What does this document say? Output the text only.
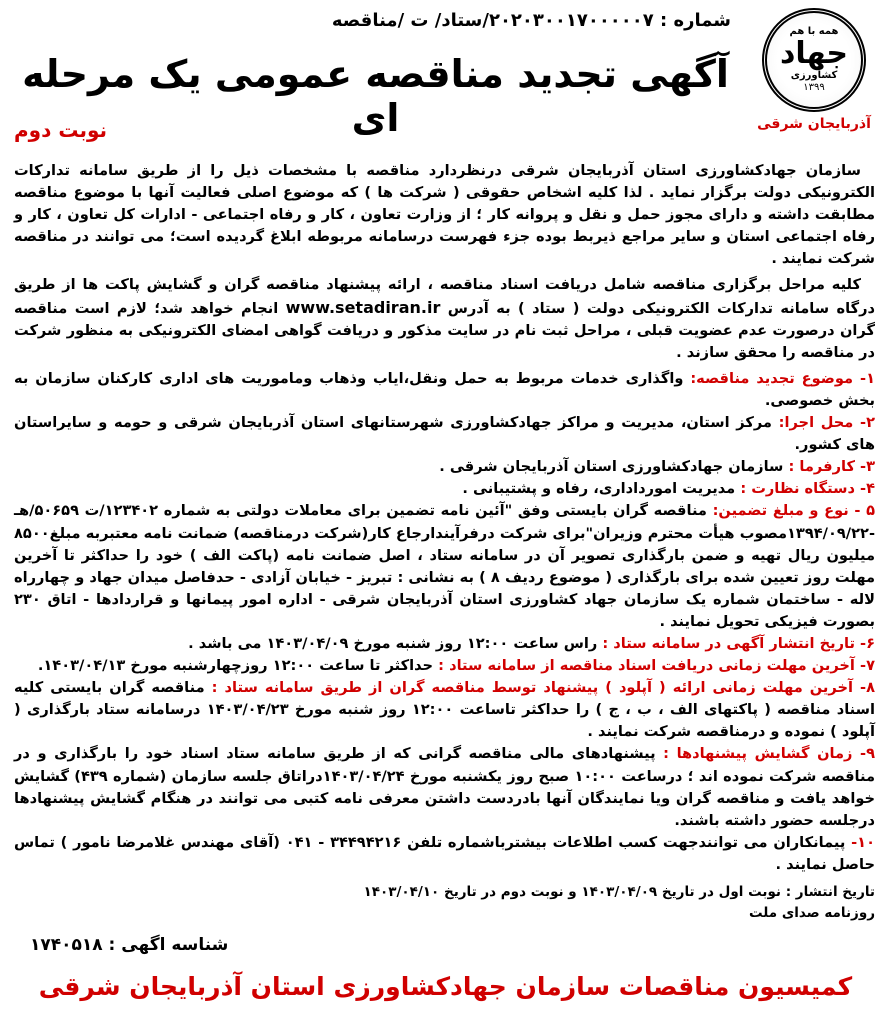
همه با هم
جهاد
کشاورزی
۱۳۹۹
آذربایجان شرقی
شماره : ۲۰۲۰۳۰۰۱۷۰۰۰۰۰۷/ستاد/ ت /مناقصه
آگهی تجدید مناقصه عمومی یک مرحله ای
نوبت دوم

سازمان جهادکشاورزی استان آذربایجان شرقی درنظردارد مناقصه با مشخصات ذیل را از طریق سامانه تدارکات الکترونیکی دولت برگزار نماید . لذا کلیه اشخاص حقوقی ( شرکت ها ) که موضوع اصلی فعالیت آنها با موضوع مناقصه مطابقت داشته و دارای مجوز حمل و نقل و پروانه کار ؛ از وزارت تعاون ، کار و رفاه اجتماعی - ادارات کل تعاون ، کار و رفاه اجتماعی استان و سایر مراجع ذیربط بوده جزء فهرست درسامانه مربوطه ابلاغ گردیده است؛ می توانند در مناقصه شرکت نمایند .

کلیه مراحل برگزاری مناقصه شامل دریافت اسناد مناقصه ، ارائه پیشنهاد مناقصه گران و گشایش پاکت ها از طریق درگاه سامانه تدارکات الکترونیکی دولت ( ستاد ) به آدرس www.setadiran.ir انجام خواهد شد؛ لازم است مناقصه گران درصورت عدم عضویت قبلی ، مراحل ثبت نام در سایت مذکور و دریافت گواهی امضای الکترونیکی به منظور شرکت در مناقصه را محقق سازند .

۱- موضوع تجدید مناقصه: واگذاری خدمات مربوط به حمل ونقل،ایاب وذهاب وماموریت های اداری کارکنان سازمان به بخش خصوصی.
۲- محل اجرا: مرکز استان، مدیریت و مراکز جهادکشاورزی شهرستانهای استان آذربایجان شرقی و حومه و سایراستان های کشور.
۳- کارفرما : سازمان جهادکشاورزی استان آذربایجان شرقی .
۴- دستگاه نظارت : مدیریت امورداداری، رفاه و پشتیبانی .
۵ - نوع و مبلغ تضمین: مناقصه گران بایستی وفق "آئین نامه تضمین برای معاملات دولتی به شماره ۱۲۳۴۰۲/ت ۵۰۶۵۹/هـ -۱۳۹۴/۰۹/۲۲مصوب هیأت محترم وزیران"برای شرکت درفرآیندارجاع کار(شرکت درمناقصه) ضمانت نامه معتبربه مبلغ۸۵۰۰ میلیون ریال تهیه و ضمن بارگذاری تصویر آن در سامانه ستاد ، اصل ضمانت نامه (پاکت الف ) خود را حداکثر تا آخرین مهلت روز تعیین شده برای بارگذاری ( موضوع ردیف ۸ ) به نشانی : تبریز - خیابان آزادی - حدفاصل میدان جهاد و چهارراه لاله - ساختمان شماره یک سازمان جهاد کشاورزی استان آذربایجان شرقی - اداره امور پیمانها و قراردادها - اتاق ۲۳۰ بصورت فیزیکی تحویل نمایند .
۶- تاریخ انتشار آگهی در سامانه ستاد : راس ساعت ۱۲:۰۰ روز شنبه مورخ ۱۴۰۳/۰۴/۰۹ می باشد .
۷- آخرین مهلت زمانی دریافت اسناد مناقصه از سامانه ستاد : حداکثر تا ساعت ۱۲:۰۰ روزچهارشنبه مورخ ۱۴۰۳/۰۴/۱۳.
۸- آخرین مهلت زمانی ارائه ( آپلود ) پیشنهاد توسط مناقصه گران از طریق سامانه ستاد : مناقصه گران بایستی کلیه اسناد مناقصه ( پاکتهای الف ، ب ، ج ) را حداکثر تاساعت ۱۲:۰۰ روز شنبه مورخ ۱۴۰۳/۰۴/۲۳ درسامانه ستاد بارگذاری ( آپلود ) نموده و درمناقصه شرکت نمایند .
۹- زمان گشایش پیشنهادها : پیشنهادهای مالی مناقصه گرانی که از طریق سامانه ستاد اسناد خود را بارگذاری و در مناقصه شرکت نموده اند ؛ درساعت ۱۰:۰۰ صبح روز یکشنبه مورخ ۱۴۰۳/۰۴/۲۴دراتاق جلسه سازمان (شماره ۴۳۹) گشایش خواهد یافت و مناقصه گران ویا نمایندگان آنها بادردست داشتن معرفی نامه کتبی می توانند در هنگام گشایش پیشنهادها درجلسه حضور داشته باشند.
۱۰- پیمانکاران می توانندجهت کسب اطلاعات بیشترباشماره تلفن ۳۴۴۹۴۲۱۶ - ۰۴۱ (آقای مهندس غلامرضا نامور ) تماس حاصل نمایند .
تاریخ انتشار : نوبت اول در تاریخ ۱۴۰۳/۰۴/۰۹ و نوبت دوم در تاریخ ۱۴۰۳/۰۴/۱۰
روزنامه صدای ملت
شناسه اگهی : ۱۷۴۰۵۱۸
کمیسیون مناقصات سازمان جهادکشاورزی استان آذربایجان شرقی
